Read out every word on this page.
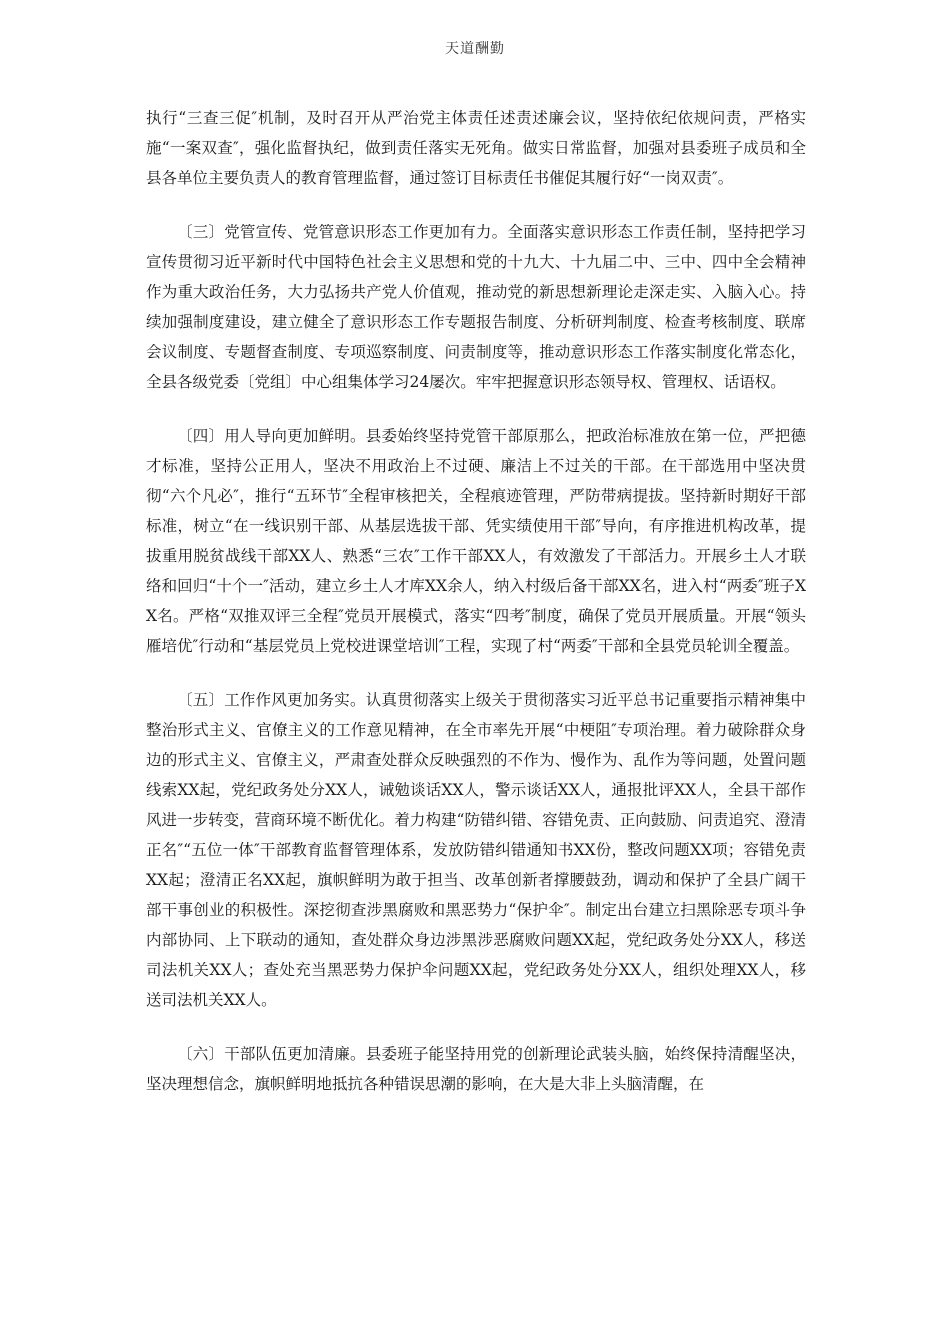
天道酬勤

执行“三查三促″机制，及时召开从严治党主体责任述责述廉会议，坚持依纪依规问责，严格实施“一案双查″，强化监督执纪，做到责任落实无死角。做实日常监督，加强对县委班子成员和全县各单位主要负责人的教育管理监督，通过签订目标责任书催促其履行好“一岗双责″。

〔三〕党管宣传、党管意识形态工作更加有力。全面落实意识形态工作责任制，坚持把学习宣传贯彻习近平新时代中国特色社会主义思想和党的十九大、十九届二中、三中、四中全会精神作为重大政治任务，大力弘扬共产党人价值观，推动党的新思想新理论走深走实、入脑入心。持续加强制度建设，建立健全了意识形态工作专题报告制度、分析研判制度、检查考核制度、联席会议制度、专题督查制度、专项巡察制度、问责制度等，推动意识形态工作落实制度化常态化，全县各级党委〔党组〕中心组集体学习24屡次。牢牢把握意识形态领导权、管理权、话语权。

〔四〕用人导向更加鲜明。县委始终坚持党管干部原那么，把政治标准放在第一位，严把德才标准，坚持公正用人，坚决不用政治上不过硬、廉洁上不过关的干部。在干部选用中坚决贯彻“六个凡必″，推行“五环节″全程审核把关，全程痕迹管理，严防带病提拔。坚持新时期好干部标准，树立“在一线识别干部、从基层选拔干部、凭实绩使用干部″导向，有序推进机构改革，提拔重用脱贫战线干部XX人、熟悉“三农″工作干部XX人，有效激发了干部活力。开展乡土人才联络和回归“十个一″活动，建立乡土人才库XX余人，纳入村级后备干部XX名，进入村“两委″班子XX名。严格“双推双评三全程″党员开展模式，落实“四考″制度，确保了党员开展质量。开展“领头雁培优″行动和“基层党员上党校进课堂培训″工程，实现了村“两委″干部和全县党员轮训全覆盖。

〔五〕工作作风更加务实。认真贯彻落实上级关于贯彻落实习近平总书记重要指示精神集中整治形式主义、官僚主义的工作意见精神，在全市率先开展“中梗阻″专项治理。着力破除群众身边的形式主义、官僚主义，严肃查处群众反映强烈的不作为、慢作为、乱作为等问题，处置问题线索XX起，党纪政务处分XX人，诫勉谈话XX人，警示谈话XX人，通报批评XX人，全县干部作风进一步转变，营商环境不断优化。着力构建“防错纠错、容错免责、正向鼓励、问责追究、澄清正名″“五位一体″干部教育监督管理体系，发放防错纠错通知书XX份，整改问题XX项；容错免责XX起；澄清正名XX起，旗帜鲜明为敢于担当、改革创新者撑腰鼓劲，调动和保护了全县广阔干部干事创业的积极性。深挖彻查涉黑腐败和黑恶势力“保护伞″。制定出台建立扫黑除恶专项斗争内部协同、上下联动的通知，查处群众身边涉黑涉恶腐败问题XX起，党纪政务处分XX人，移送司法机关XX人；查处充当黑恶势力保护伞问题XX起，党纪政务处分XX人，组织处理XX人，移送司法机关XX人。

〔六〕干部队伍更加清廉。县委班子能坚持用党的创新理论武装头脑，始终保持清醒坚决，坚决理想信念，旗帜鲜明地抵抗各种错误思潮的影响，在大是大非上头脑清醒，在
